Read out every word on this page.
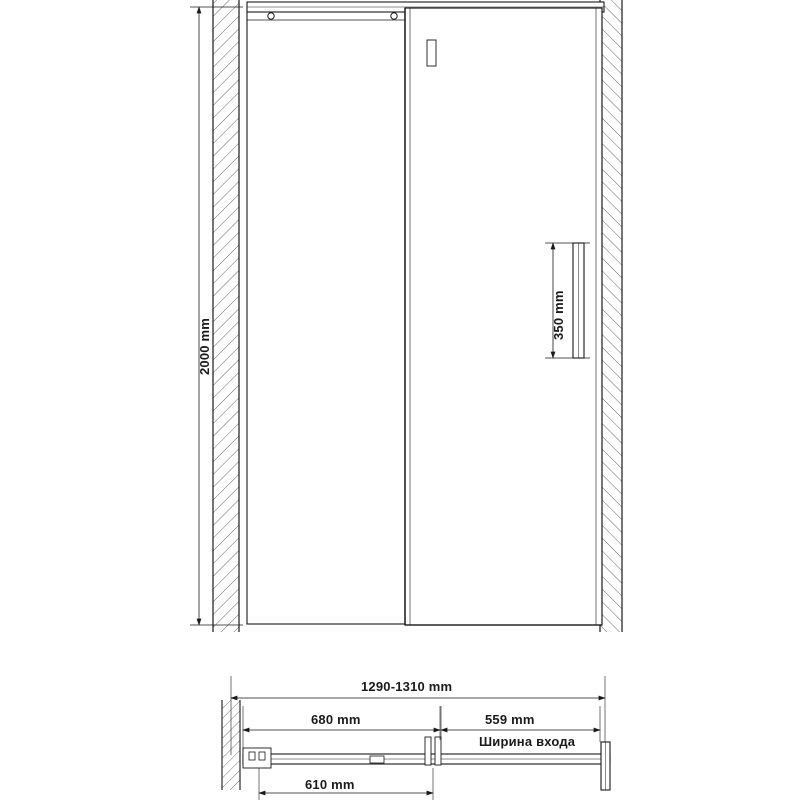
2000 mm
350 mm
1290-1310 mm
680 mm	559 mm
Ширина входа
610 mm
